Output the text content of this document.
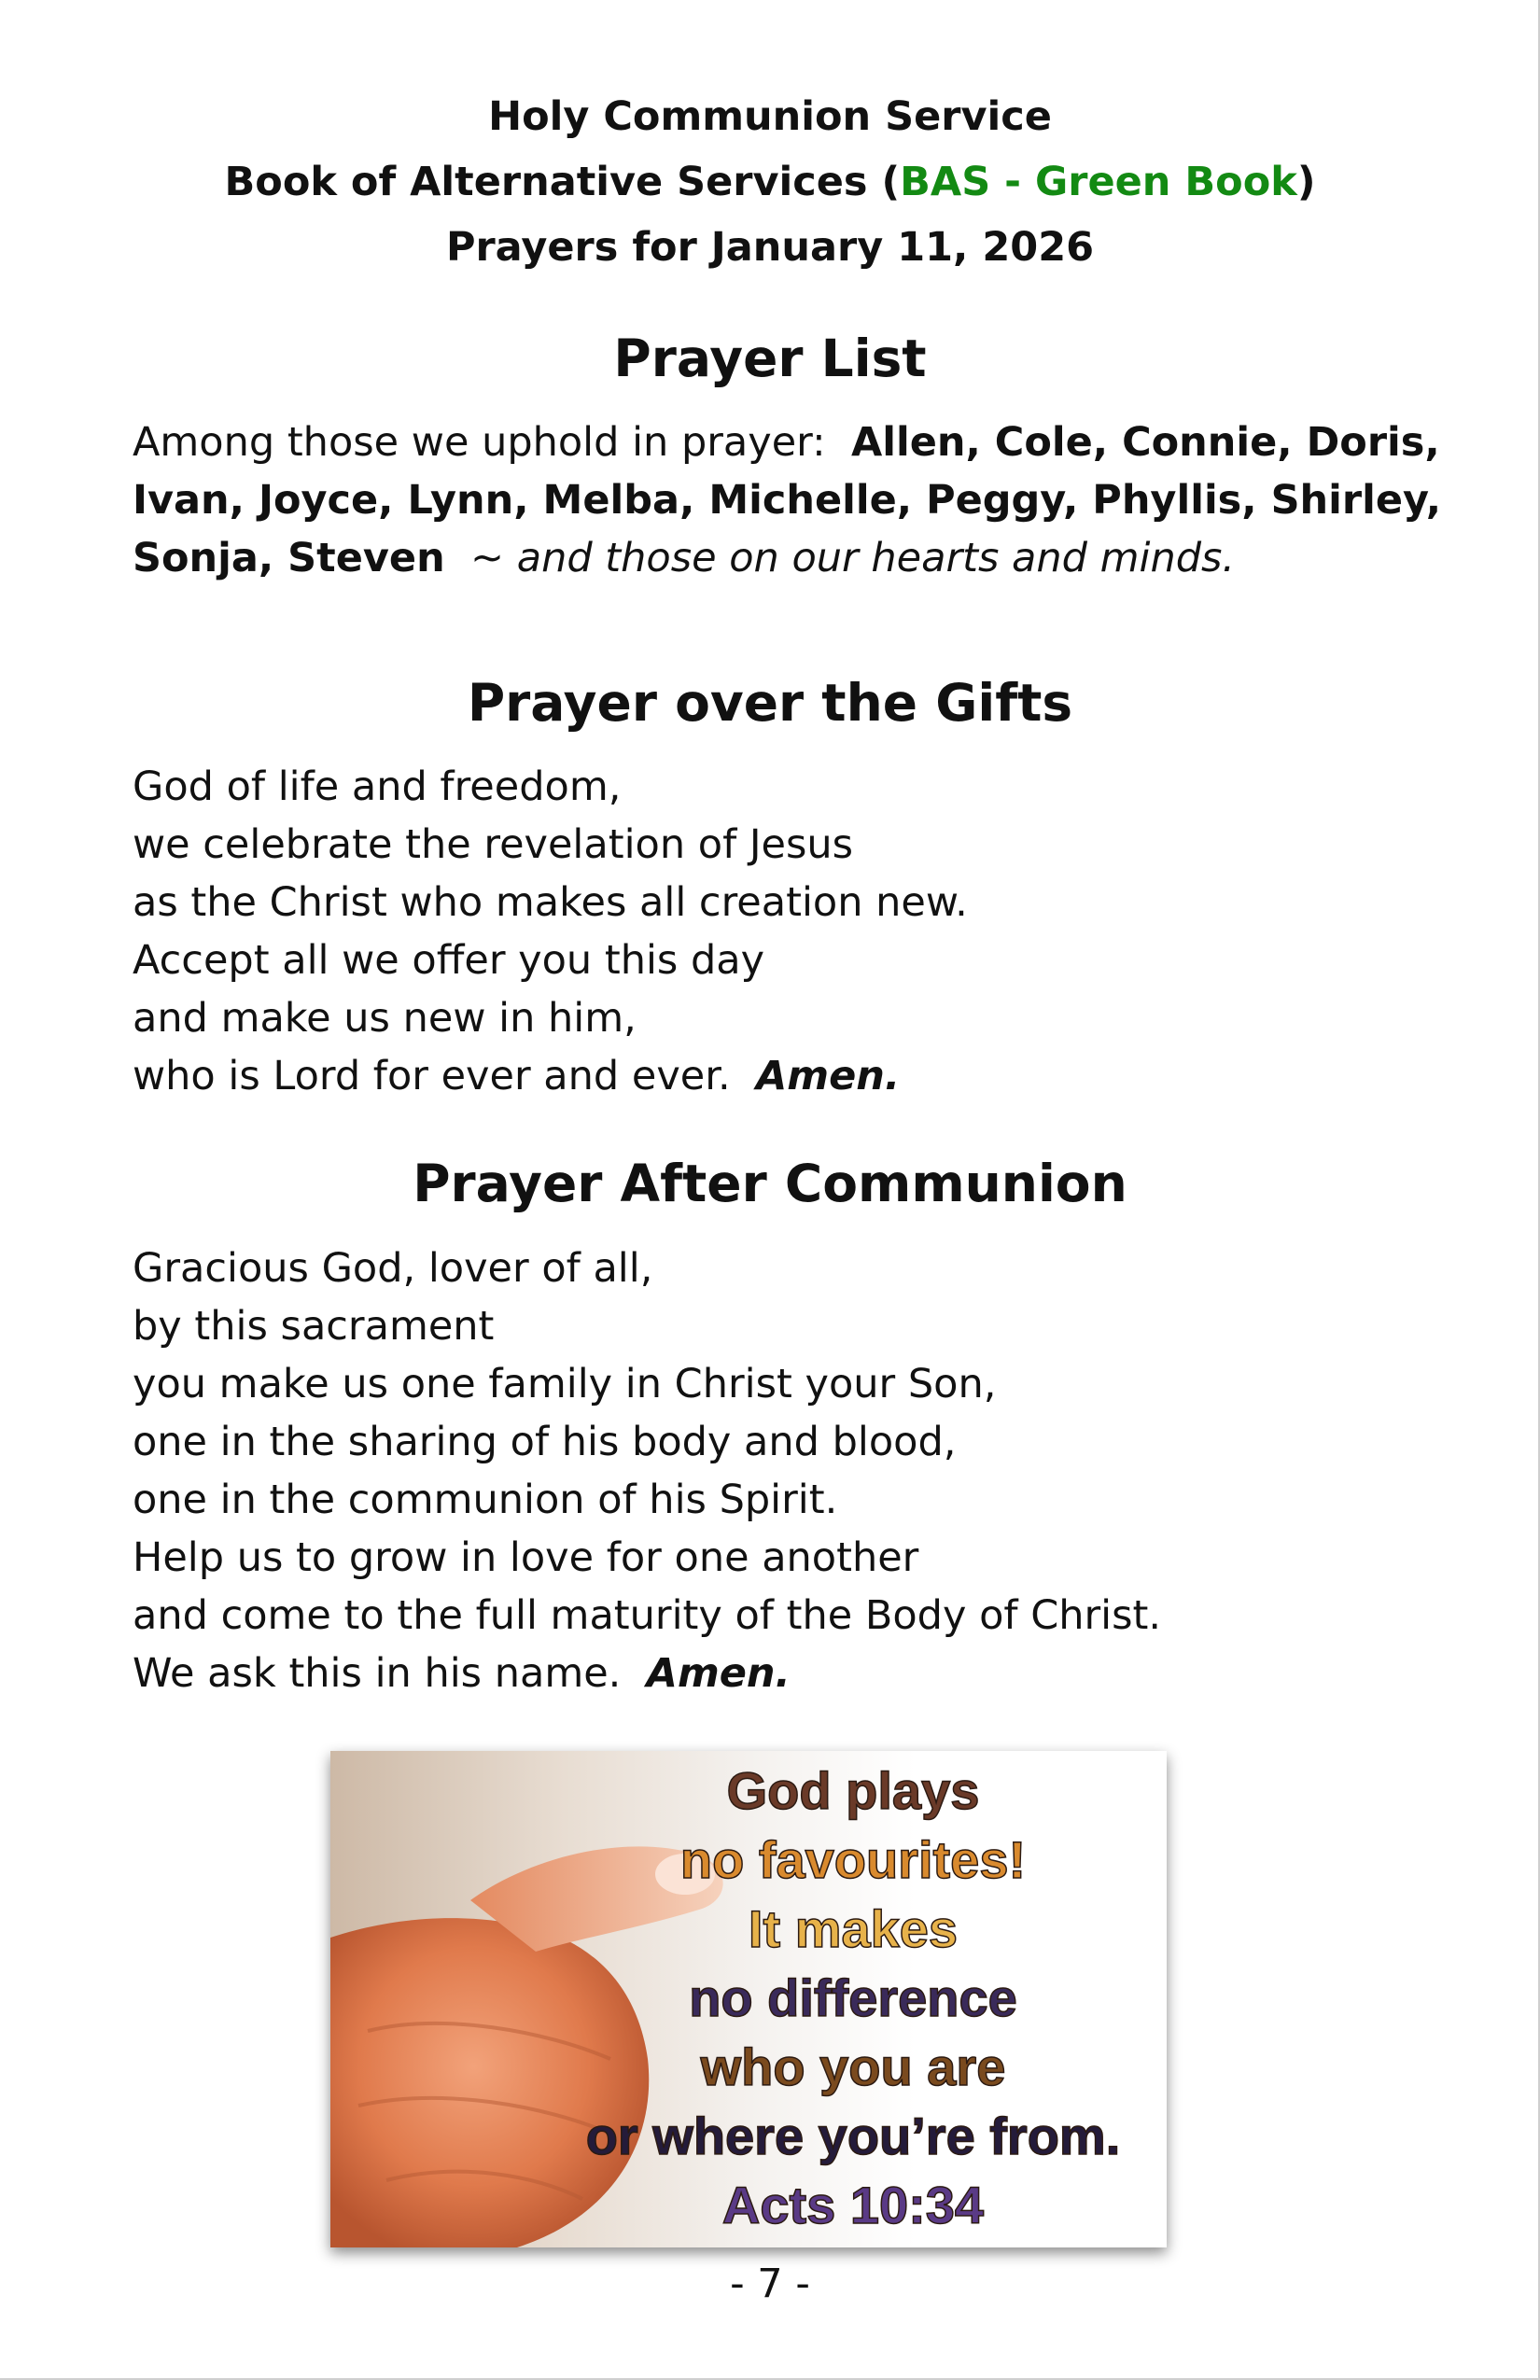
Holy Communion Service
Book of Alternative Services (BAS - Green Book)
Prayers for January 11, 2026
Prayer List
Among those we uphold in prayer: Allen, Cole, Connie, Doris,
Ivan, Joyce, Lynn, Melba, Michelle, Peggy, Phyllis, Shirley,
Sonja, Steven ~ and those on our hearts and minds.
Prayer over the Gifts
God of life and freedom,
we celebrate the revelation of Jesus
as the Christ who makes all creation new.
Accept all we offer you this day
and make us new in him,
who is Lord for ever and ever. Amen.
Prayer After Communion
Gracious God, lover of all,
by this sacrament
you make us one family in Christ your Son,
one in the sharing of his body and blood,
one in the communion of his Spirit.
Help us to grow in love for one another
and come to the full maturity of the Body of Christ.
We ask this in his name. Amen.
God plays
no favourites!
It makes
no difference
who you are
or where you’re from.
Acts 10:34
- 7 -
